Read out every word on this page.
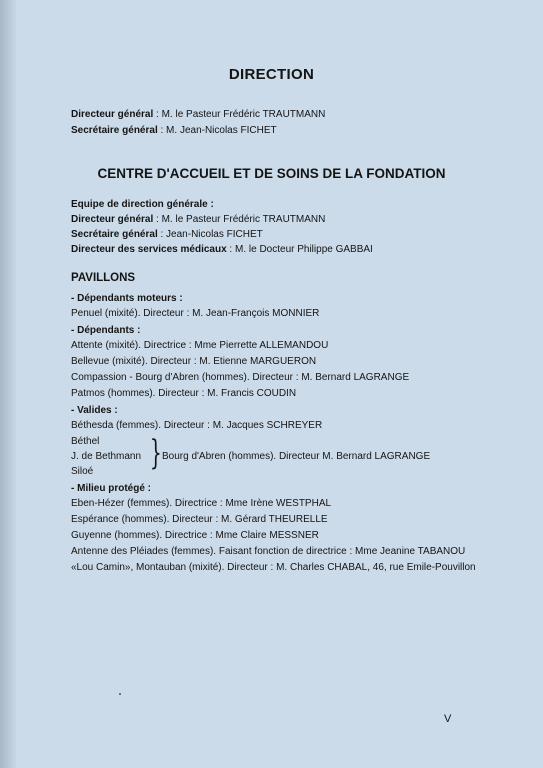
DIRECTION
Directeur général : M. le Pasteur Frédéric TRAUTMANN
Secrétaire général : M. Jean-Nicolas FICHET
CENTRE D'ACCUEIL ET DE SOINS DE LA FONDATION
Equipe de direction générale :
Directeur général : M. le Pasteur Frédéric TRAUTMANN
Secrétaire général : Jean-Nicolas FICHET
Directeur des services médicaux : M. le Docteur Philippe GABBAI
PAVILLONS
- Dépendants moteurs :
Penuel (mixité). Directeur : M. Jean-François MONNIER
- Dépendants :
Attente (mixité). Directrice : Mme Pierrette ALLEMANDOU
Bellevue (mixité). Directeur : M. Etienne MARGUERON
Compassion - Bourg d'Abren (hommes). Directeur : M. Bernard LAGRANGE
Patmos (hommes). Directeur : M. Francis COUDIN
- Valides :
Béthesda (femmes). Directeur : M. Jacques SCHREYER
Béthel
J. de Bethmann
Siloé } Bourg d'Abren (hommes). Directeur M. Bernard LAGRANGE
- Milieu protégé :
Eben-Hézer (femmes). Directrice : Mme Irène WESTPHAL
Espérance (hommes). Directeur : M. Gérard THEURELLE
Guyenne (hommes). Directrice : Mme Claire MESSNER
Antenne des Pléiades (femmes). Faisant fonction de directrice : Mme Jeanine TABANOU
«Lou Camin», Montauban (mixité). Directeur : M. Charles CHABAL, 46, rue Emile-Pouvillon
V
